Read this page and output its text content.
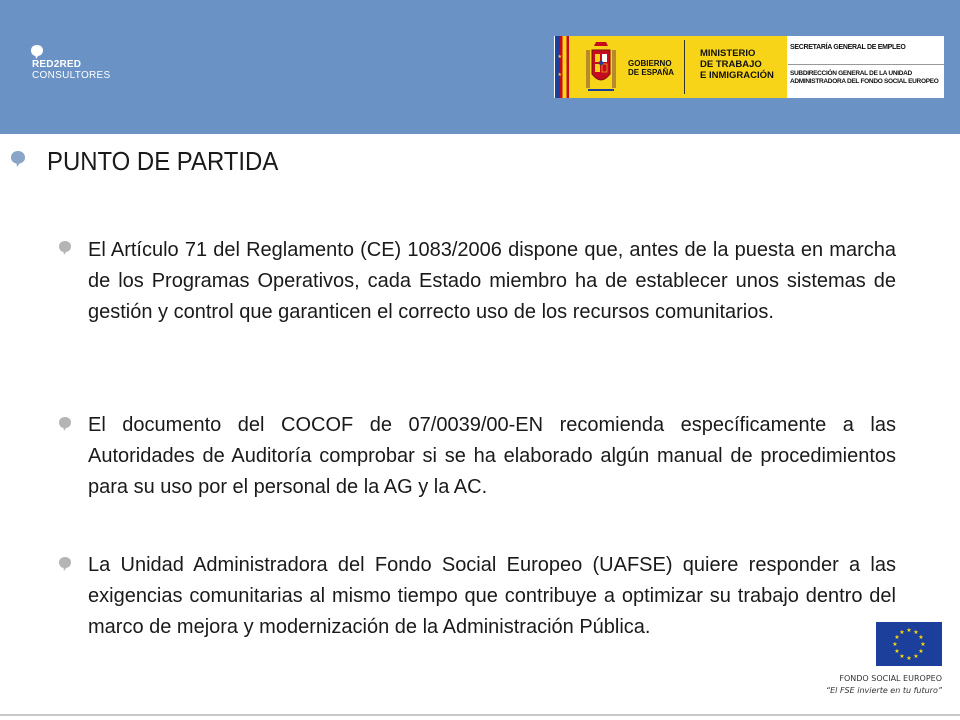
RED2RED
CONSULTORES
★
★
GOBIERNO
DE ESPAÑA
MINISTERIO
DE TRABAJO
E INMIGRACIÓN
SECRETARÍA GENERAL DE EMPLEO
SUBDIRECCIÓN GENERAL DE LA UNIDAD
ADMINISTRADORA DEL FONDO SOCIAL EUROPEO
PUNTO DE PARTIDA
El Artículo 71 del Reglamento (CE) 1083/2006 dispone que, antes de la puesta en marcha de los Programas Operativos, cada Estado miembro ha de establecer unos sistemas de gestión y control que garanticen el correcto uso de los recursos comunitarios.
El documento del COCOF de 07/0039/00-EN recomienda específicamente a las Autoridades de Auditoría comprobar si se ha elaborado algún manual de procedimientos para su uso por el personal de la AG y la AC.
La Unidad Administradora del Fondo Social Europeo (UAFSE) quiere responder a las exigencias comunitarias al mismo tiempo que contribuye a optimizar su trabajo dentro del marco de mejora y modernización de la Administración Pública.	★ ★
★
★
★
★
★
★
★
★
★
★
FONDO SOCIAL EUROPEO
“El FSE invierte en tu futuro”
